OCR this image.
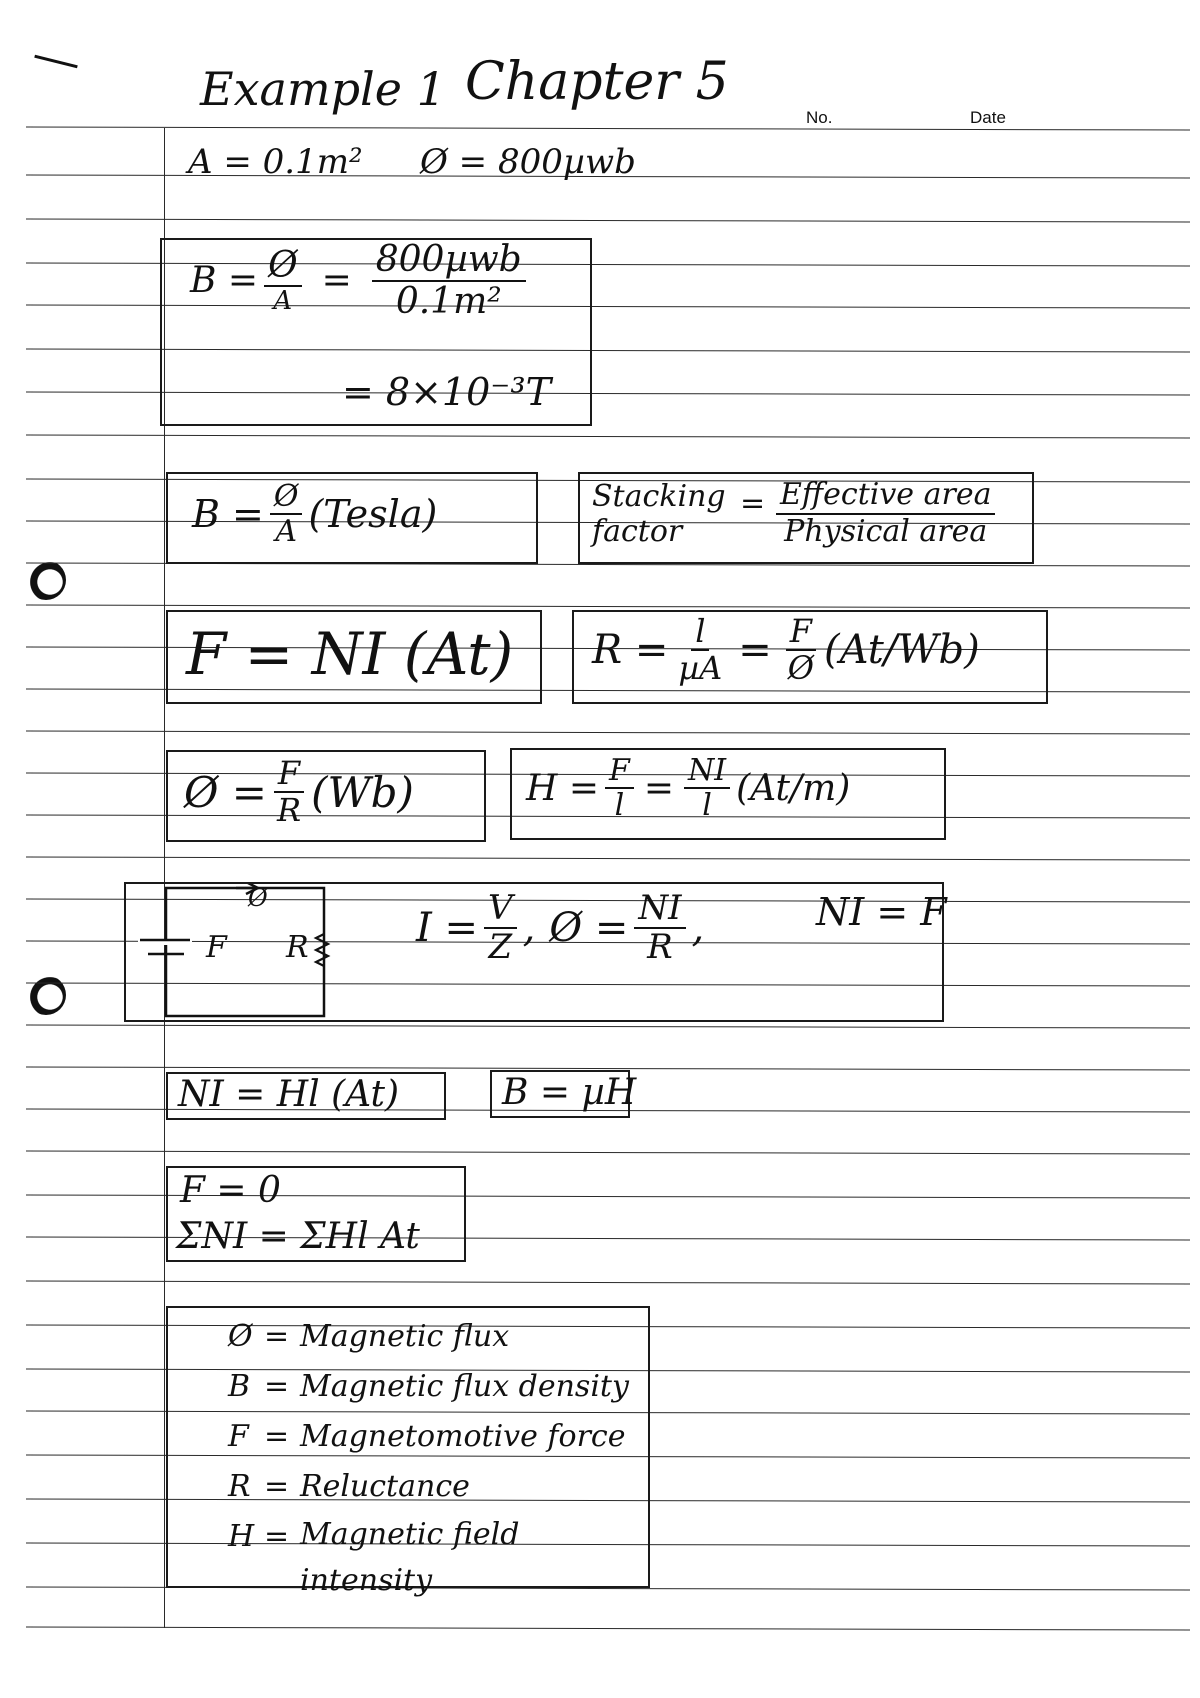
Example 1 Chapter 5
No.	Date
A = 0.1m² Ø = 800µwb
$B = \frac{Ø}{A} = \frac{\text{800µwb}}{\text{0.1m²}}$
= 8×10⁻³T
$B = \frac{Ø}{A}$ (Tesla)	Stacking
factor
= Effective area
Physical area
F = NI (At) $R = \frac{l}{\text{µA}} = \frac{F}{Ø} (At/Wb)$
Ø = $\frac{F}{R} (Wb)$	$H = \frac{F}{l} = \frac{NI}{l} (At/m)$
Ø
F R	$I = \frac{V}{Z}$ , Ø = $\frac{NI}{R}$ ,	NI = F
NI = Hl (At)	B = µH
F = 0
ΣNI = ΣHl At
Ø = Magnetic flux
B = Magnetic flux density
F = Magnetomotive force
R = Reluctance
H = Magnetic field intensity
